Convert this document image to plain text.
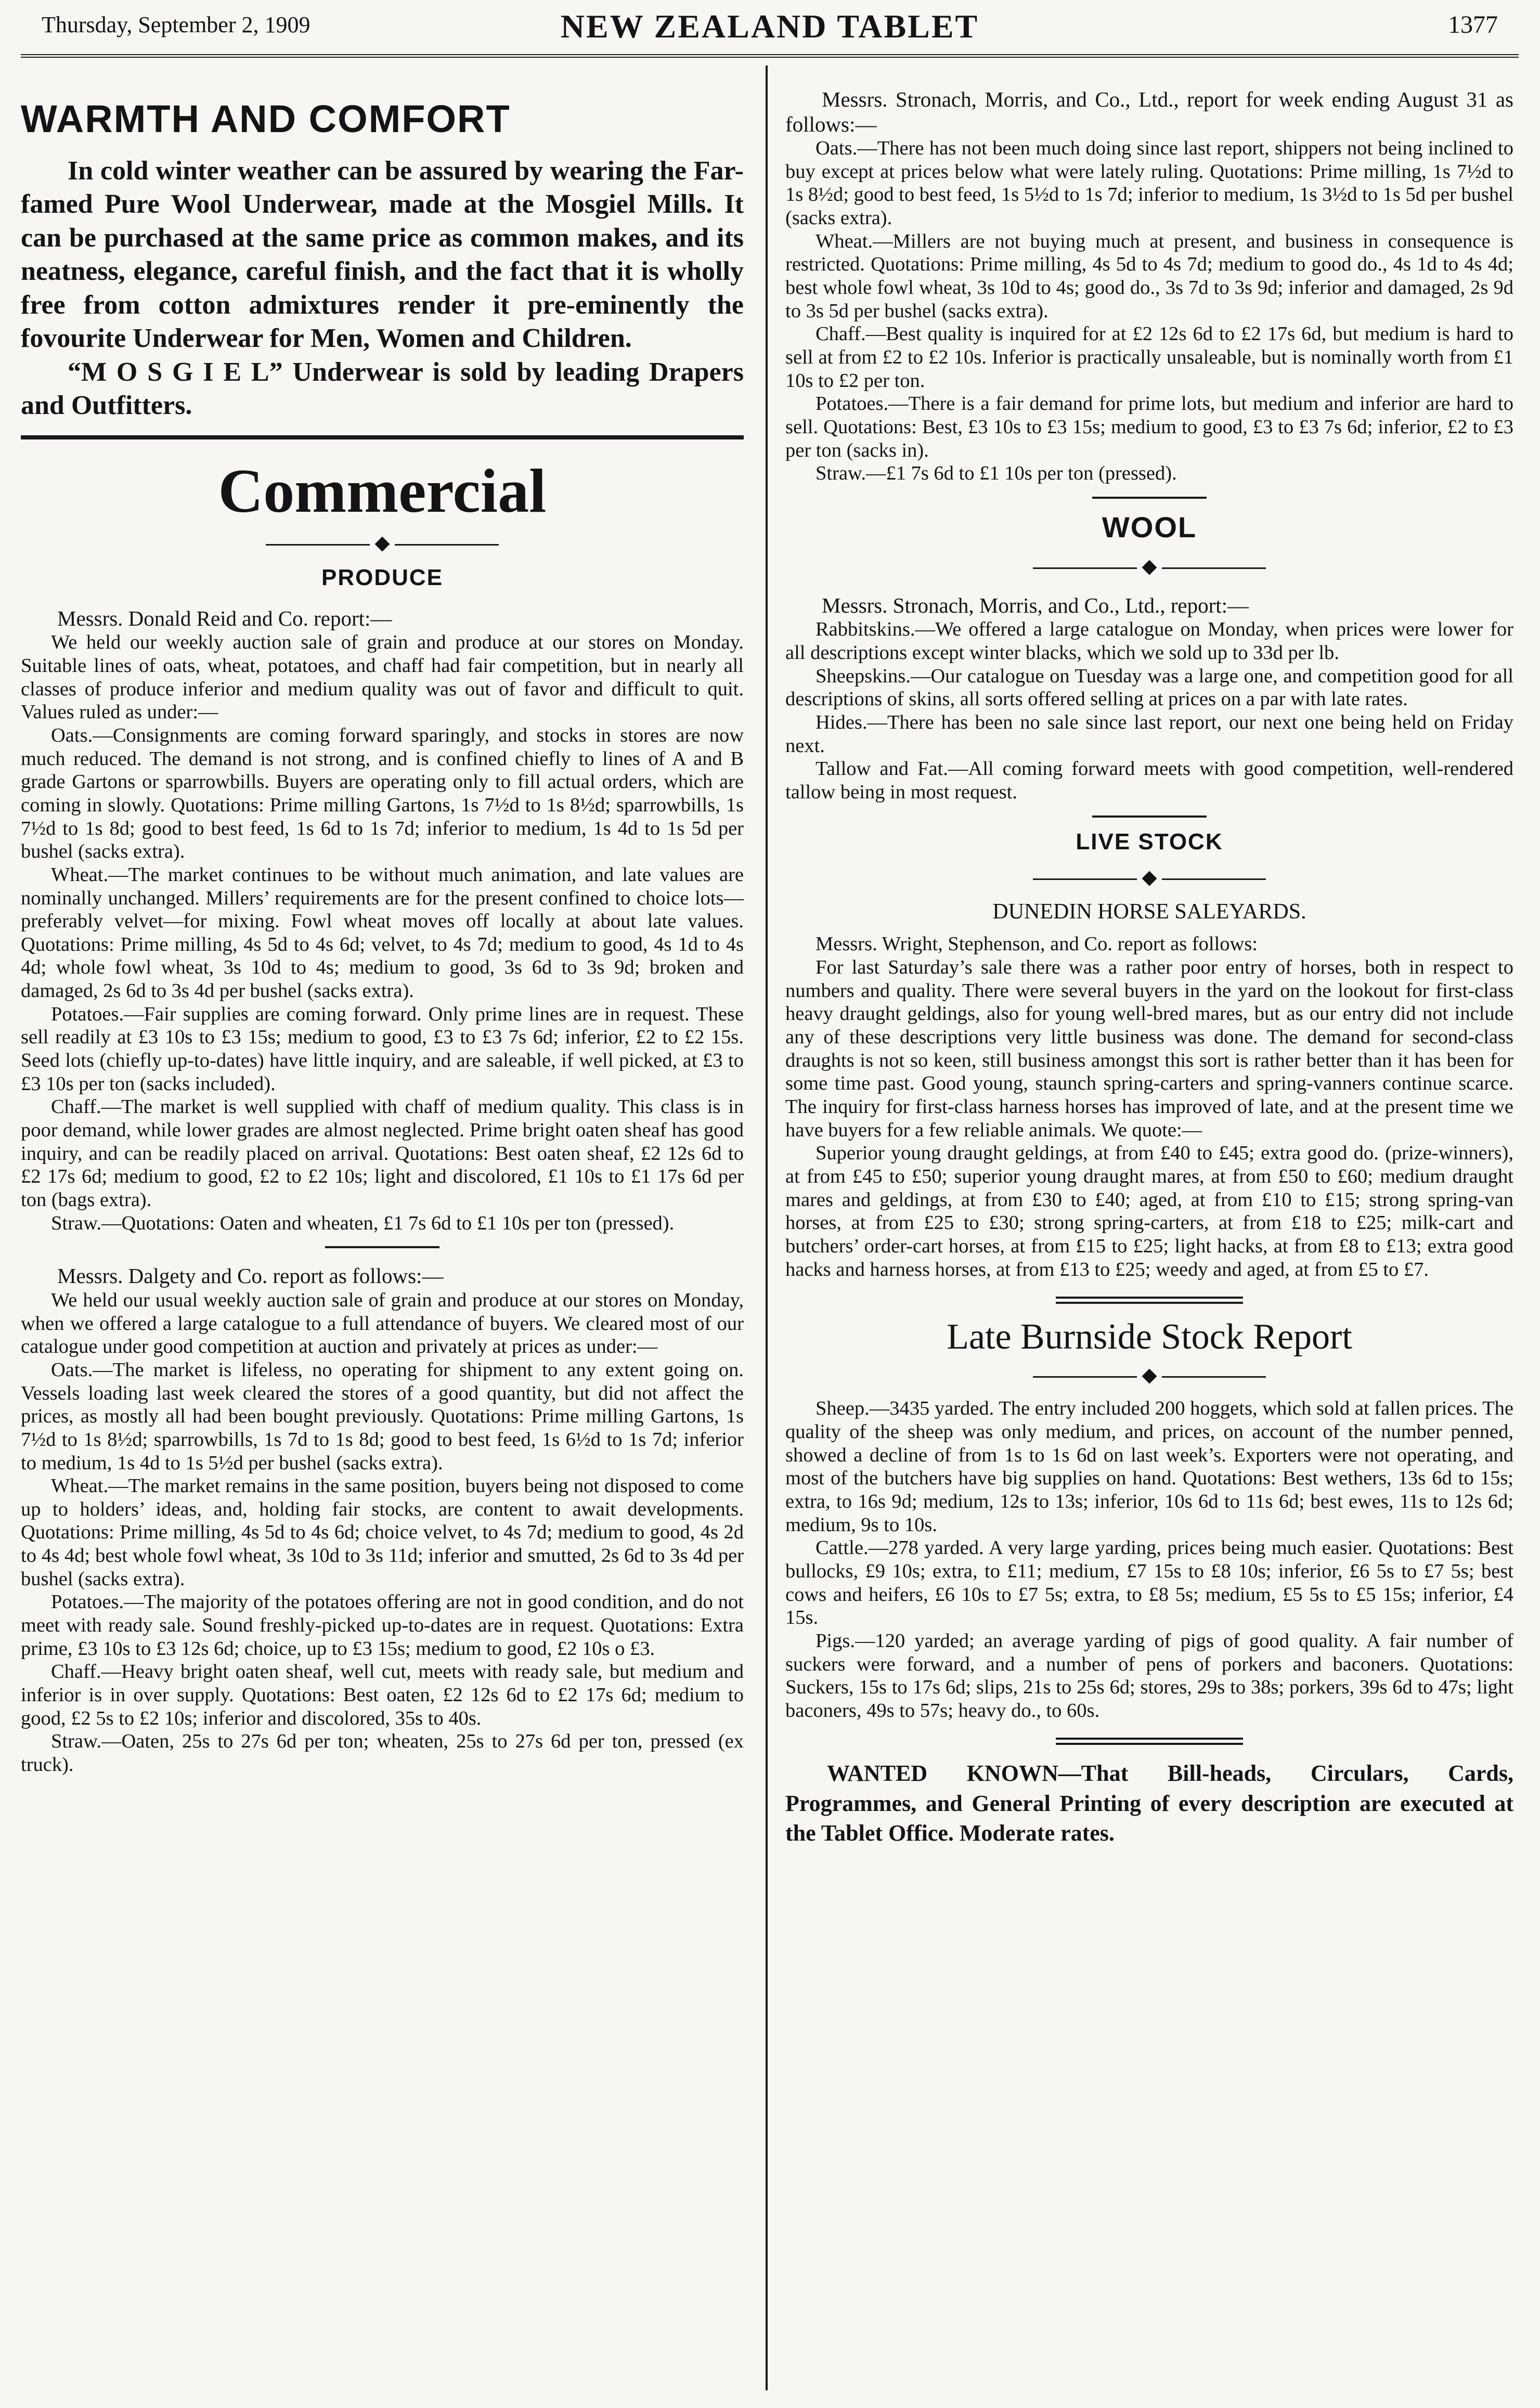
Thursday, September 2, 1909	NEW ZEALAND TABLET	1377
WARMTH AND COMFORT

In cold winter weather can be assured by wearing the Far-famed Pure Wool Underwear, made at the Mosgiel Mills. It can be purchased at the same price as common makes, and its neatness, elegance, careful finish, and the fact that it is wholly free from cotton admixtures render it pre-eminently the fovourite Underwear for Men, Women and Children.

“M O S G I E L” Underwear is sold by leading Drapers and Outfitters.

Commercial
◆
PRODUCE

Messrs. Donald Reid and Co. report:—

We held our weekly auction sale of grain and produce at our stores on Monday. Suitable lines of oats, wheat, potatoes, and chaff had fair competition, but in nearly all classes of produce inferior and medium quality was out of favor and difficult to quit. Values ruled as under:—

Oats.—Consignments are coming forward sparingly, and stocks in stores are now much reduced. The demand is not strong, and is confined chiefly to lines of A and B grade Gartons or sparrowbills. Buyers are operating only to fill actual orders, which are coming in slowly. Quotations: Prime milling Gartons, 1s 7½d to 1s 8½d; sparrowbills, 1s 7½d to 1s 8d; good to best feed, 1s 6d to 1s 7d; inferior to medium, 1s 4d to 1s 5d per bushel (sacks extra).

Wheat.—The market continues to be without much animation, and late values are nominally unchanged. Millers’ requirements are for the present confined to choice lots—preferably velvet—for mixing. Fowl wheat moves off locally at about late values. Quotations: Prime milling, 4s 5d to 4s 6d; velvet, to 4s 7d; medium to good, 4s 1d to 4s 4d; whole fowl wheat, 3s 10d to 4s; medium to good, 3s 6d to 3s 9d; broken and damaged, 2s 6d to 3s 4d per bushel (sacks extra).

Potatoes.—Fair supplies are coming forward. Only prime lines are in request. These sell readily at £3 10s to £3 15s; medium to good, £3 to £3 7s 6d; inferior, £2 to £2 15s. Seed lots (chiefly up-to-dates) have little inquiry, and are saleable, if well picked, at £3 to £3 10s per ton (sacks included).

Chaff.—The market is well supplied with chaff of medium quality. This class is in poor demand, while lower grades are almost neglected. Prime bright oaten sheaf has good inquiry, and can be readily placed on arrival. Quotations: Best oaten sheaf, £2 12s 6d to £2 17s 6d; medium to good, £2 to £2 10s; light and discolored, £1 10s to £1 17s 6d per ton (bags extra).

Straw.—Quotations: Oaten and wheaten, £1 7s 6d to £1 10s per ton (pressed).

Messrs. Dalgety and Co. report as follows:—

We held our usual weekly auction sale of grain and produce at our stores on Monday, when we offered a large catalogue to a full attendance of buyers. We cleared most of our catalogue under good competition at auction and privately at prices as under:—

Oats.—The market is lifeless, no operating for shipment to any extent going on. Vessels loading last week cleared the stores of a good quantity, but did not affect the prices, as mostly all had been bought previously. Quotations: Prime milling Gartons, 1s 7½d to 1s 8½d; sparrowbills, 1s 7d to 1s 8d; good to best feed, 1s 6½d to 1s 7d; inferior to medium, 1s 4d to 1s 5½d per bushel (sacks extra).

Wheat.—The market remains in the same position, buyers being not disposed to come up to holders’ ideas, and, holding fair stocks, are content to await developments. Quotations: Prime milling, 4s 5d to 4s 6d; choice velvet, to 4s 7d; medium to good, 4s 2d to 4s 4d; best whole fowl wheat, 3s 10d to 3s 11d; inferior and smutted, 2s 6d to 3s 4d per bushel (sacks extra).

Potatoes.—The majority of the potatoes offering are not in good condition, and do not meet with ready sale. Sound freshly-picked up-to-dates are in request. Quotations: Extra prime, £3 10s to £3 12s 6d; choice, up to £3 15s; medium to good, £2 10s o £3.

Chaff.—Heavy bright oaten sheaf, well cut, meets with ready sale, but medium and inferior is in over supply. Quotations: Best oaten, £2 12s 6d to £2 17s 6d; medium to good, £2 5s to £2 10s; inferior and discolored, 35s to 40s.

Straw.—Oaten, 25s to 27s 6d per ton; wheaten, 25s to 27s 6d per ton, pressed (ex truck).

Messrs. Stronach, Morris, and Co., Ltd., report for week ending August 31 as follows:—

Oats.—There has not been much doing since last report, shippers not being inclined to buy except at prices below what were lately ruling. Quotations: Prime milling, 1s 7½d to 1s 8½d; good to best feed, 1s 5½d to 1s 7d; inferior to medium, 1s 3½d to 1s 5d per bushel (sacks extra).

Wheat.—Millers are not buying much at present, and business in consequence is restricted. Quotations: Prime milling, 4s 5d to 4s 7d; medium to good do., 4s 1d to 4s 4d; best whole fowl wheat, 3s 10d to 4s; good do., 3s 7d to 3s 9d; inferior and damaged, 2s 9d to 3s 5d per bushel (sacks extra).

Chaff.—Best quality is inquired for at £2 12s 6d to £2 17s 6d, but medium is hard to sell at from £2 to £2 10s. Inferior is practically unsaleable, but is nominally worth from £1 10s to £2 per ton.

Potatoes.—There is a fair demand for prime lots, but medium and inferior are hard to sell. Quotations: Best, £3 10s to £3 15s; medium to good, £3 to £3 7s 6d; inferior, £2 to £3 per ton (sacks in).

Straw.—£1 7s 6d to £1 10s per ton (pressed).

WOOL
◆

Messrs. Stronach, Morris, and Co., Ltd., report:—

Rabbitskins.—We offered a large catalogue on Monday, when prices were lower for all descriptions except winter blacks, which we sold up to 33d per lb.

Sheepskins.—Our catalogue on Tuesday was a large one, and competition good for all descriptions of skins, all sorts offered selling at prices on a par with late rates.

Hides.—There has been no sale since last report, our next one being held on Friday next.

Tallow and Fat.—All coming forward meets with good competition, well-rendered tallow being in most request.

LIVE STOCK
◆

DUNEDIN HORSE SALEYARDS.

Messrs. Wright, Stephenson, and Co. report as follows:

For last Saturday’s sale there was a rather poor entry of horses, both in respect to numbers and quality. There were several buyers in the yard on the lookout for first-class heavy draught geldings, also for young well-bred mares, but as our entry did not include any of these descriptions very little business was done. The demand for second-class draughts is not so keen, still business amongst this sort is rather better than it has been for some time past. Good young, staunch spring-carters and spring-vanners continue scarce. The inquiry for first-class harness horses has improved of late, and at the present time we have buyers for a few reliable animals. We quote:—

Superior young draught geldings, at from £40 to £45; extra good do. (prize-winners), at from £45 to £50; superior young draught mares, at from £50 to £60; medium draught mares and geldings, at from £30 to £40; aged, at from £10 to £15; strong spring-van horses, at from £25 to £30; strong spring-carters, at from £18 to £25; milk-cart and butchers’ order-cart horses, at from £15 to £25; light hacks, at from £8 to £13; extra good hacks and harness horses, at from £13 to £25; weedy and aged, at from £5 to £7.

Late Burnside Stock Report
◆

Sheep.—3435 yarded. The entry included 200 hoggets, which sold at fallen prices. The quality of the sheep was only medium, and prices, on account of the number penned, showed a decline of from 1s to 1s 6d on last week’s. Exporters were not operating, and most of the butchers have big supplies on hand. Quotations: Best wethers, 13s 6d to 15s; extra, to 16s 9d; medium, 12s to 13s; inferior, 10s 6d to 11s 6d; best ewes, 11s to 12s 6d; medium, 9s to 10s.

Cattle.—278 yarded. A very large yarding, prices being much easier. Quotations: Best bullocks, £9 10s; extra, to £11; medium, £7 15s to £8 10s; inferior, £6 5s to £7 5s; best cows and heifers, £6 10s to £7 5s; extra, to £8 5s; medium, £5 5s to £5 15s; inferior, £4 15s.

Pigs.—120 yarded; an average yarding of pigs of good quality. A fair number of suckers were forward, and a number of pens of porkers and baconers. Quotations: Suckers, 15s to 17s 6d; slips, 21s to 25s 6d; stores, 29s to 38s; porkers, 39s 6d to 47s; light baconers, 49s to 57s; heavy do., to 60s.

WANTED KNOWN—That Bill-heads, Circulars, Cards, Programmes, and General Printing of every description are executed at the Tablet Office. Moderate rates.
